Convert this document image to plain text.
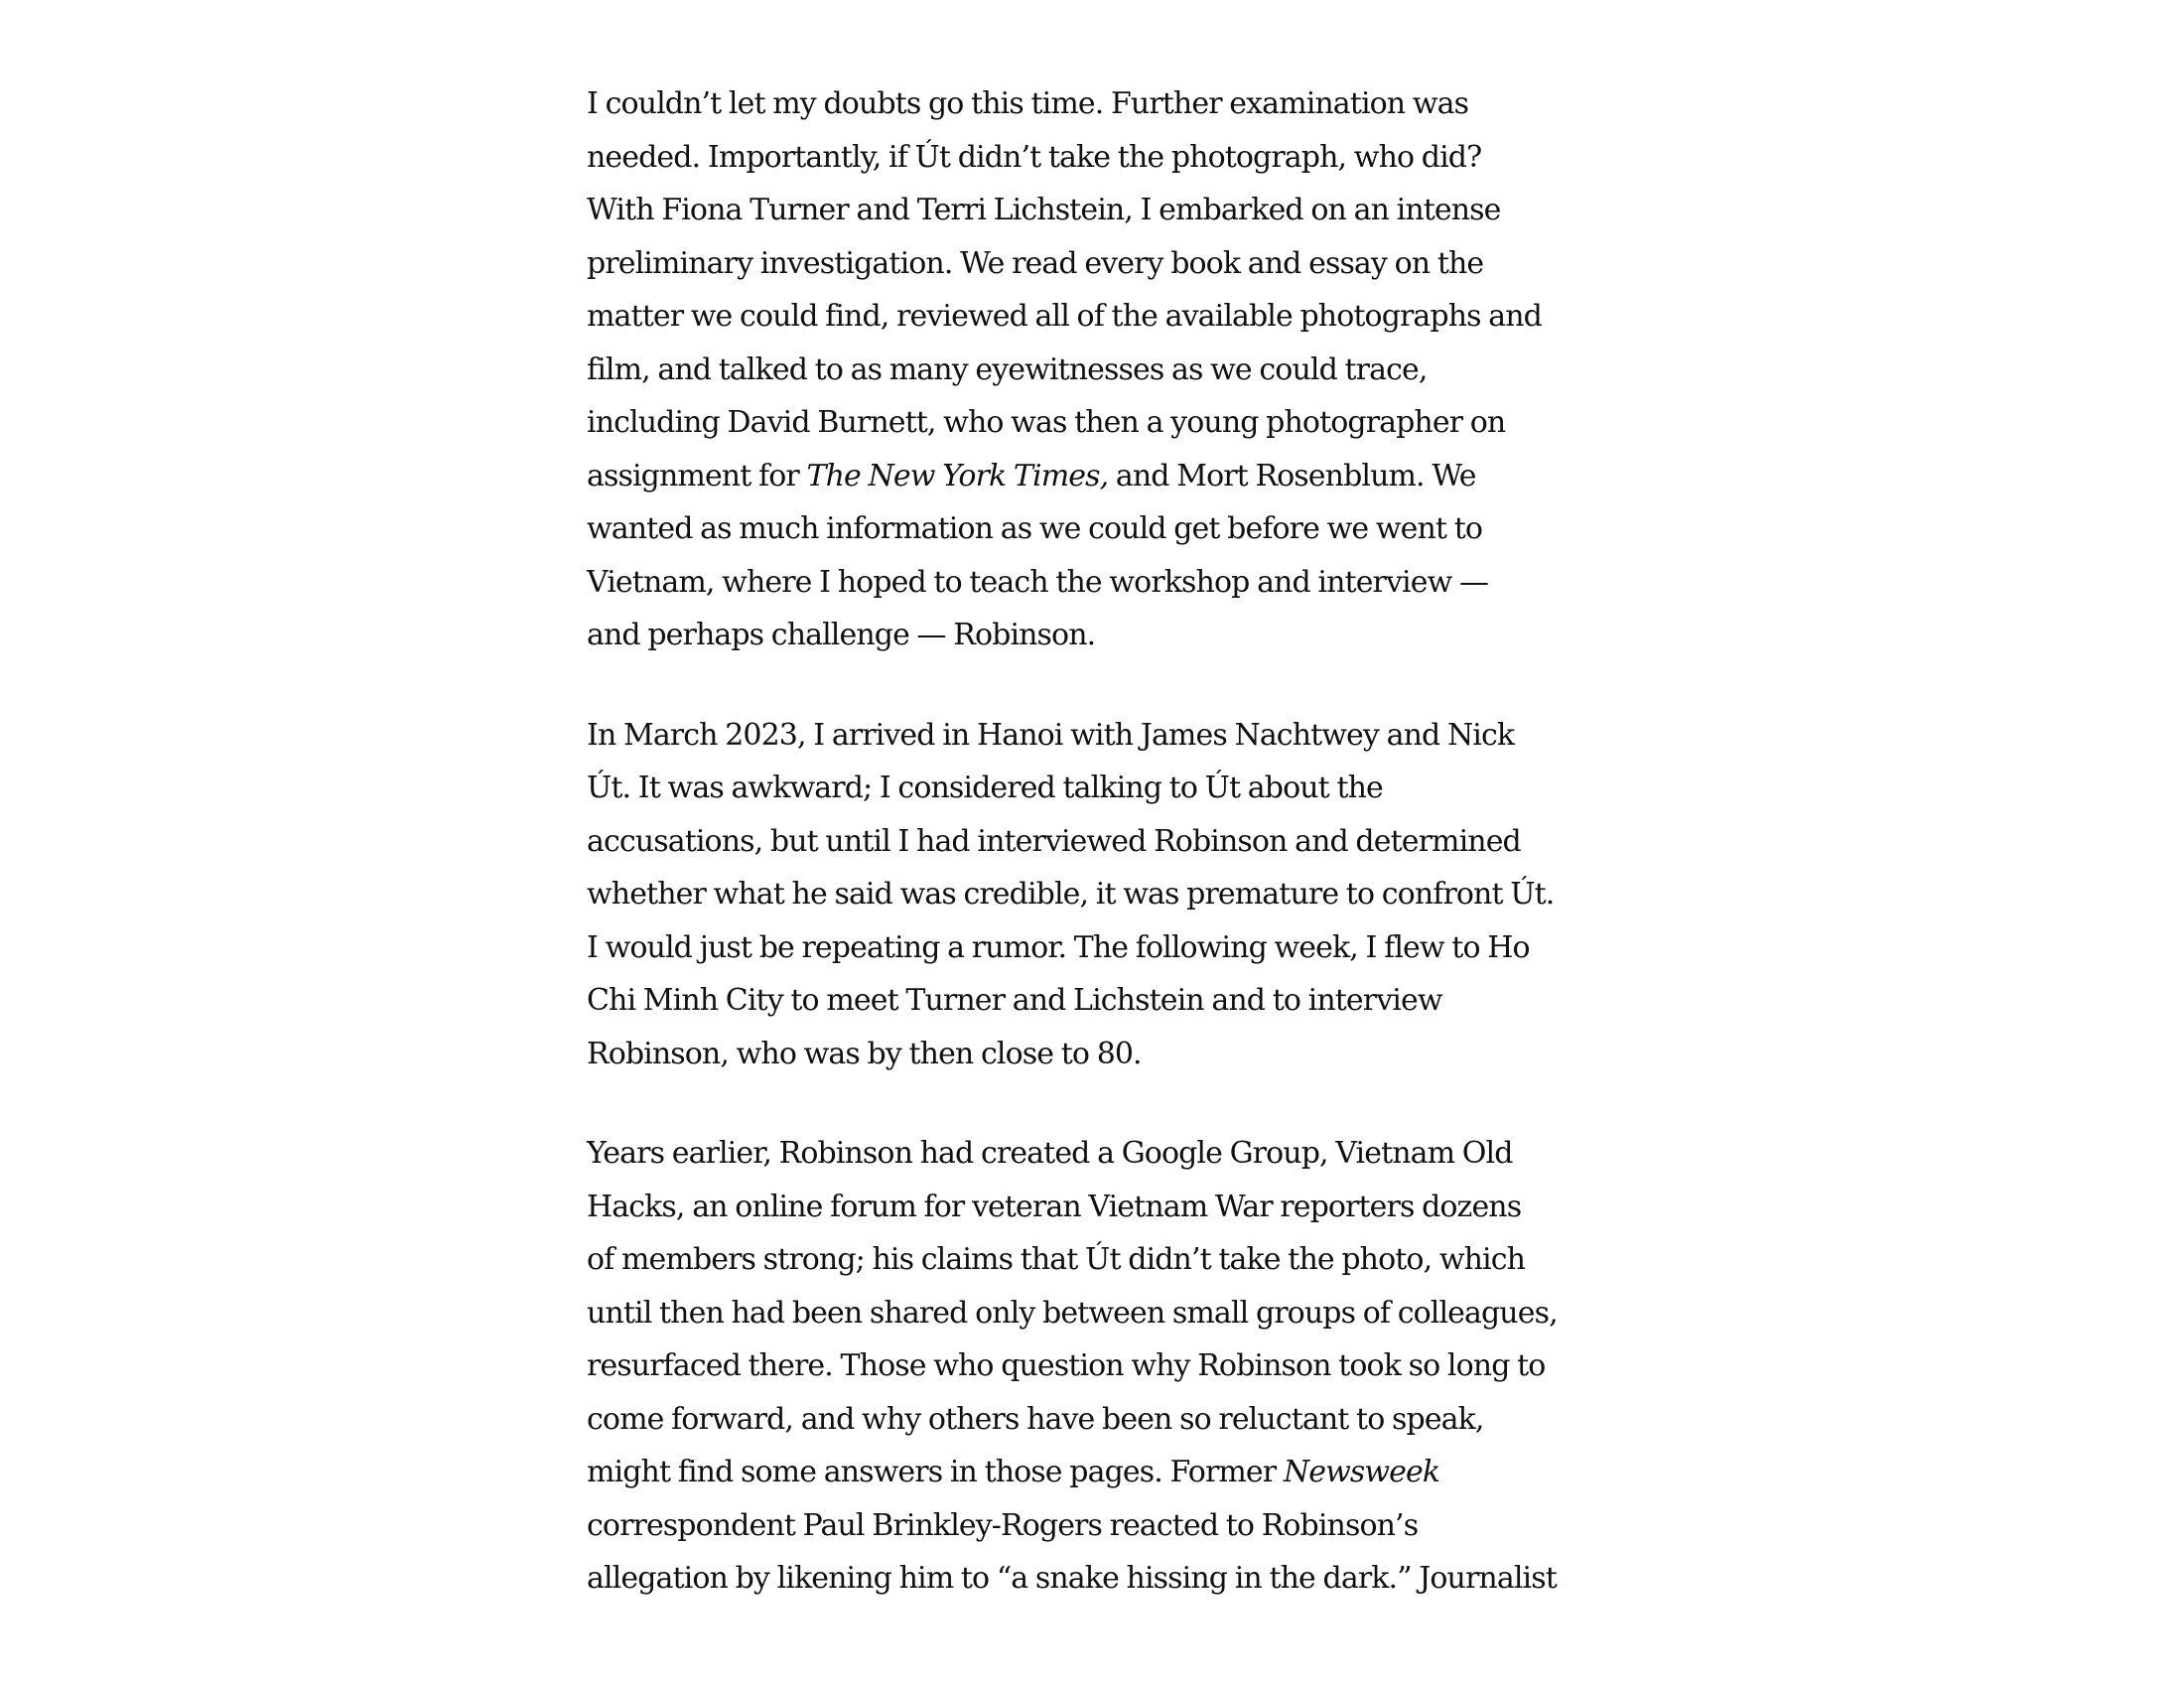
I couldn’t let my doubts go this time. Further examination was
needed. Importantly, if Út didn’t take the photograph, who did?
With Fiona Turner and Terri Lichstein, I embarked on an intense
preliminary investigation. We read every book and essay on the
matter we could find, reviewed all of the available photographs and
film, and talked to as many eyewitnesses as we could trace,
including David Burnett, who was then a young photographer on
assignment for The New York Times, and Mort Rosenblum. We
wanted as much information as we could get before we went to
Vietnam, where I hoped to teach the workshop and interview —
and perhaps challenge — Robinson.

In March 2023, I arrived in Hanoi with James Nachtwey and Nick
Út. It was awkward; I considered talking to Út about the
accusations, but until I had interviewed Robinson and determined
whether what he said was credible, it was premature to confront Út.
I would just be repeating a rumor. The following week, I flew to Ho
Chi Minh City to meet Turner and Lichstein and to interview
Robinson, who was by then close to 80.

Years earlier, Robinson had created a Google Group, Vietnam Old
Hacks, an online forum for veteran Vietnam War reporters dozens
of members strong; his claims that Út didn’t take the photo, which
until then had been shared only between small groups of colleagues,
resurfaced there. Those who question why Robinson took so long to
come forward, and why others have been so reluctant to speak,
might find some answers in those pages. Former Newsweek
correspondent Paul Brinkley-Rogers reacted to Robinson’s
allegation by likening him to “a snake hissing in the dark.” Journalist
